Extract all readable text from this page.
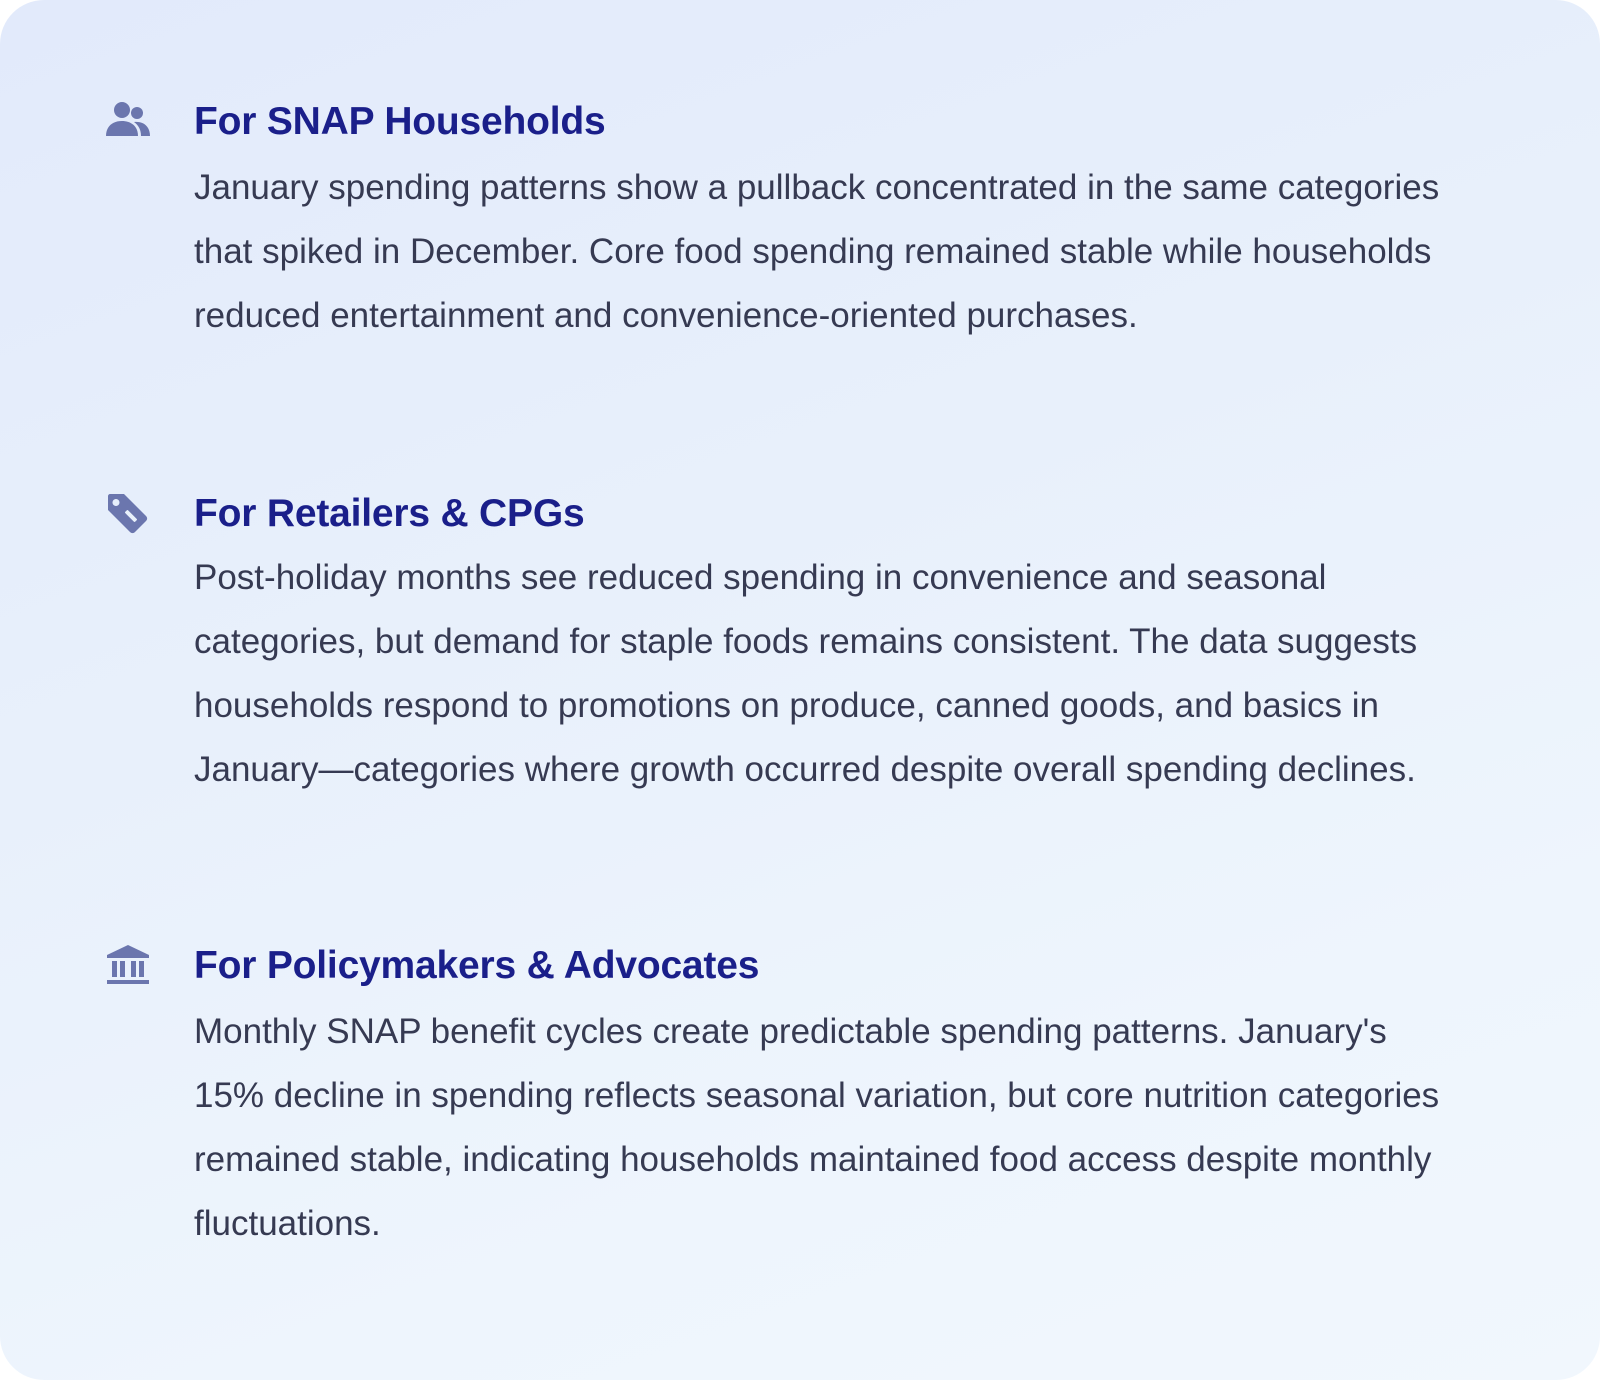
For SNAP Households

January spending patterns show a pullback concentrated in the same categories that spiked in December. Core food spending remained stable while households reduced entertainment and convenience-oriented purchases.

For Retailers & CPGs

Post-holiday months see reduced spending in convenience and seasonal categories, but demand for staple foods remains consistent. The data suggests households respond to promotions on produce, canned goods, and basics in January—categories where growth occurred despite overall spending declines.

For Policymakers & Advocates

Monthly SNAP benefit cycles create predictable spending patterns. January's 15% decline in spending reflects seasonal variation, but core nutrition categories remained stable, indicating households maintained food access despite monthly fluctuations.
